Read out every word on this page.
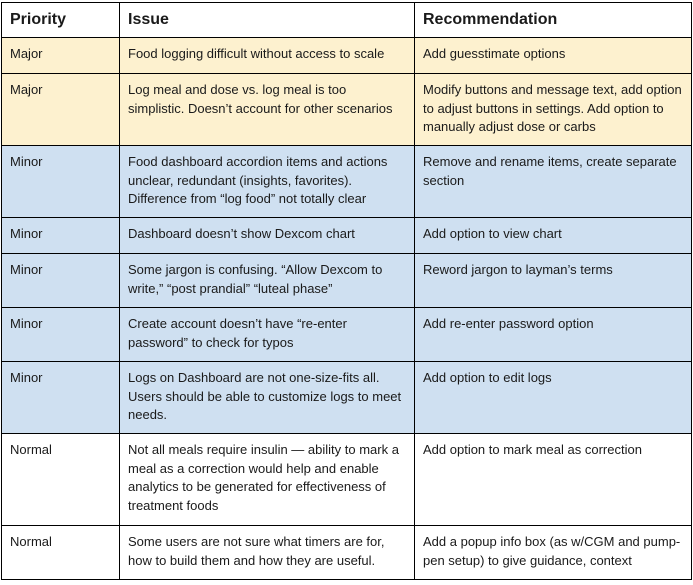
Priority	Issue	Recommendation
Major	Food logging difficult without access to scale	Add guesstimate options
Major	Log meal and dose vs. log meal is too simplistic. Doesn’t account for other scenarios	Modify buttons and message text, add option to adjust buttons in settings. Add option to manually adjust dose or carbs
Minor	Food dashboard accordion items and actions unclear, redundant (insights, favorites). Difference from “log food” not totally clear	Remove and rename items, create separate section
Minor	Dashboard doesn’t show Dexcom chart	Add option to view chart
Minor	Some jargon is confusing. “Allow Dexcom to write,” “post prandial” “luteal phase”	Reword jargon to layman’s terms
Minor	Create account doesn’t have “re-enter password” to check for typos	Add re-enter password option
Minor	Logs on Dashboard are not one-size-fits all. Users should be able to customize logs to meet needs.	Add option to edit logs
Normal	Not all meals require insulin — ability to mark a meal as a correction would help and enable analytics to be generated for effectiveness of treatment foods	Add option to mark meal as correction
Normal	Some users are not sure what timers are for, how to build them and how they are useful.	Add a popup info box (as w/CGM and pump-pen setup) to give guidance, context
